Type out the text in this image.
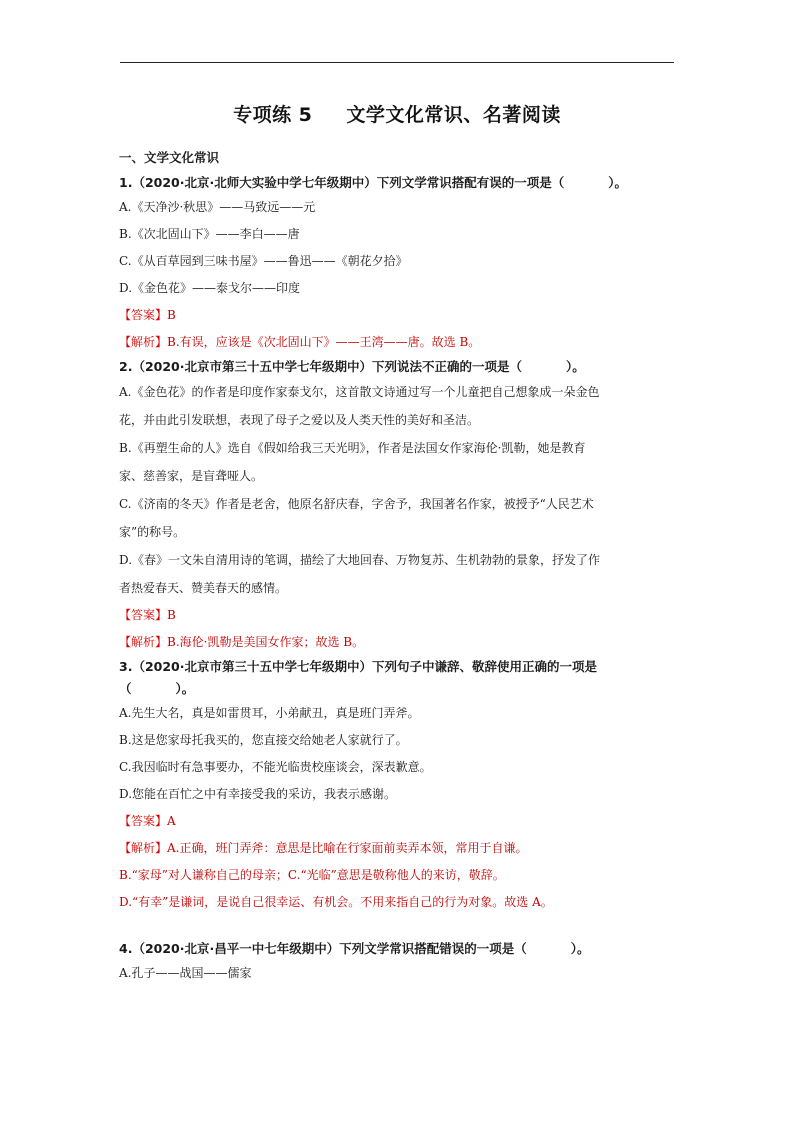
专项练 5 文学文化常识、名著阅读

一、文学文化常识

1.（2020·北京·北师大实验中学七年级期中）下列文学常识搭配有误的一项是（	）。

A.《天净沙·秋思》——马致远——元

B.《次北固山下》——李白——唐

C.《从百草园到三味书屋》——鲁迅——《朝花夕拾》

D.《金色花》——泰戈尔——印度

【答案】B

【解析】B.有误，应该是《次北固山下》——王湾——唐。故选 B。

2.（2020·北京市第三十五中学七年级期中）下列说法不正确的一项是（	）。

A.《金色花》的作者是印度作家泰戈尔，这首散文诗通过写一个儿童把自己想象成一朵金色

花，并由此引发联想，表现了母子之爱以及人类天性的美好和圣洁。

B.《再塑生命的人》选自《假如给我三天光明》，作者是法国女作家海伦·凯勒，她是教育

家、慈善家，是盲聋哑人。

C.《济南的冬天》作者是老舍，他原名舒庆春，字舍予，我国著名作家，被授予“人民艺术

家”的称号。

D.《春》一文朱自清用诗的笔调，描绘了大地回春、万物复苏、生机勃勃的景象，抒发了作

者热爱春天、赞美春天的感情。

【答案】B

【解析】B.海伦·凯勒是美国女作家；故选 B。

3.（2020·北京市第三十五中学七年级期中）下列句子中谦辞、敬辞使用正确的一项是

（	）。

A.先生大名，真是如雷贯耳，小弟献丑，真是班门弄斧。

B.这是您家母托我买的，您直接交给她老人家就行了。

C.我因临时有急事要办，不能光临贵校座谈会，深表歉意。

D.您能在百忙之中有幸接受我的采访，我表示感谢。

【答案】A

【解析】A.正确，班门弄斧：意思是比喻在行家面前卖弄本领，常用于自谦。

B.“家母”对人谦称自己的母亲；C.“光临”意思是敬称他人的来访，敬辞。

D.“有幸”是谦词，是说自己很幸运、有机会。不用来指自己的行为对象。故选 A。

4.（2020·北京·昌平一中七年级期中）下列文学常识搭配错误的一项是（	）。

A.孔子——战国——儒家
